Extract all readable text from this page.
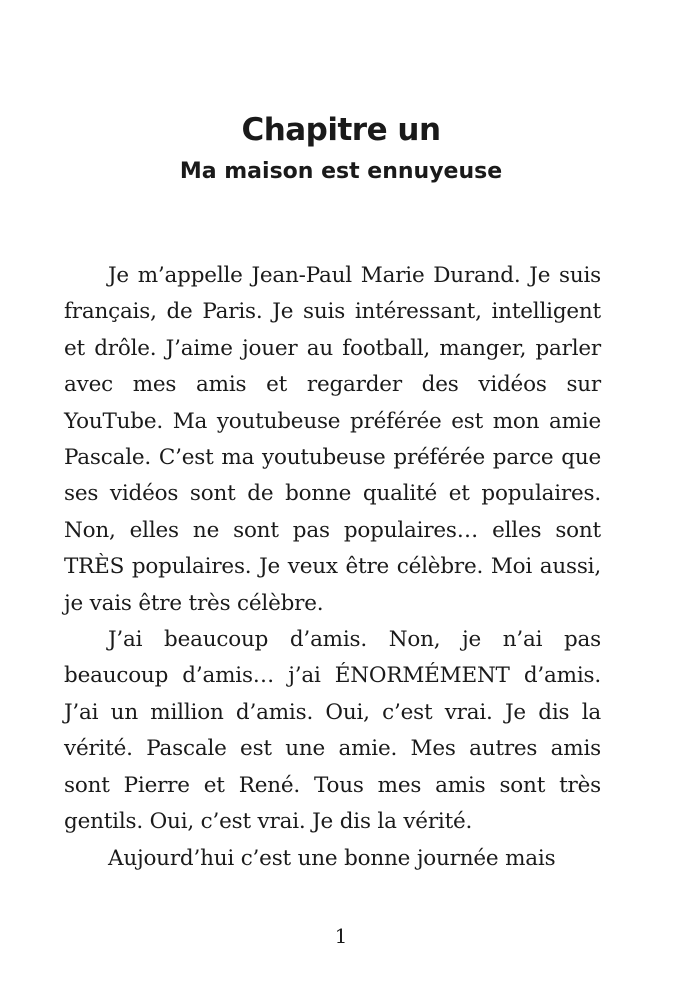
Chapitre un
Ma maison est ennuyeuse

Je m’appelle Jean-Paul Marie Durand. Je suis français, de Paris. Je suis intéressant, intelligent et drôle. J’aime jouer au football, manger, parler avec mes amis et regarder des vidéos sur YouTube. Ma youtubeuse préférée est mon amie Pascale. C’est ma youtubeuse préférée parce que ses vidéos sont de bonne qualité et populaires. Non, elles ne sont pas populaires… elles sont TRÈS populaires. Je veux être célèbre. Moi aussi, je vais être très célèbre.

J’ai beaucoup d’amis. Non, je n’ai pas beaucoup d’amis… j’ai ÉNORMÉMENT d’amis. J’ai un million d’amis. Oui, c’est vrai. Je dis la vérité. Pascale est une amie. Mes autres amis sont Pierre et René. Tous mes amis sont très gentils. Oui, c’est vrai. Je dis la vérité.

Aujourd’hui c’est une bonne journée mais

1
